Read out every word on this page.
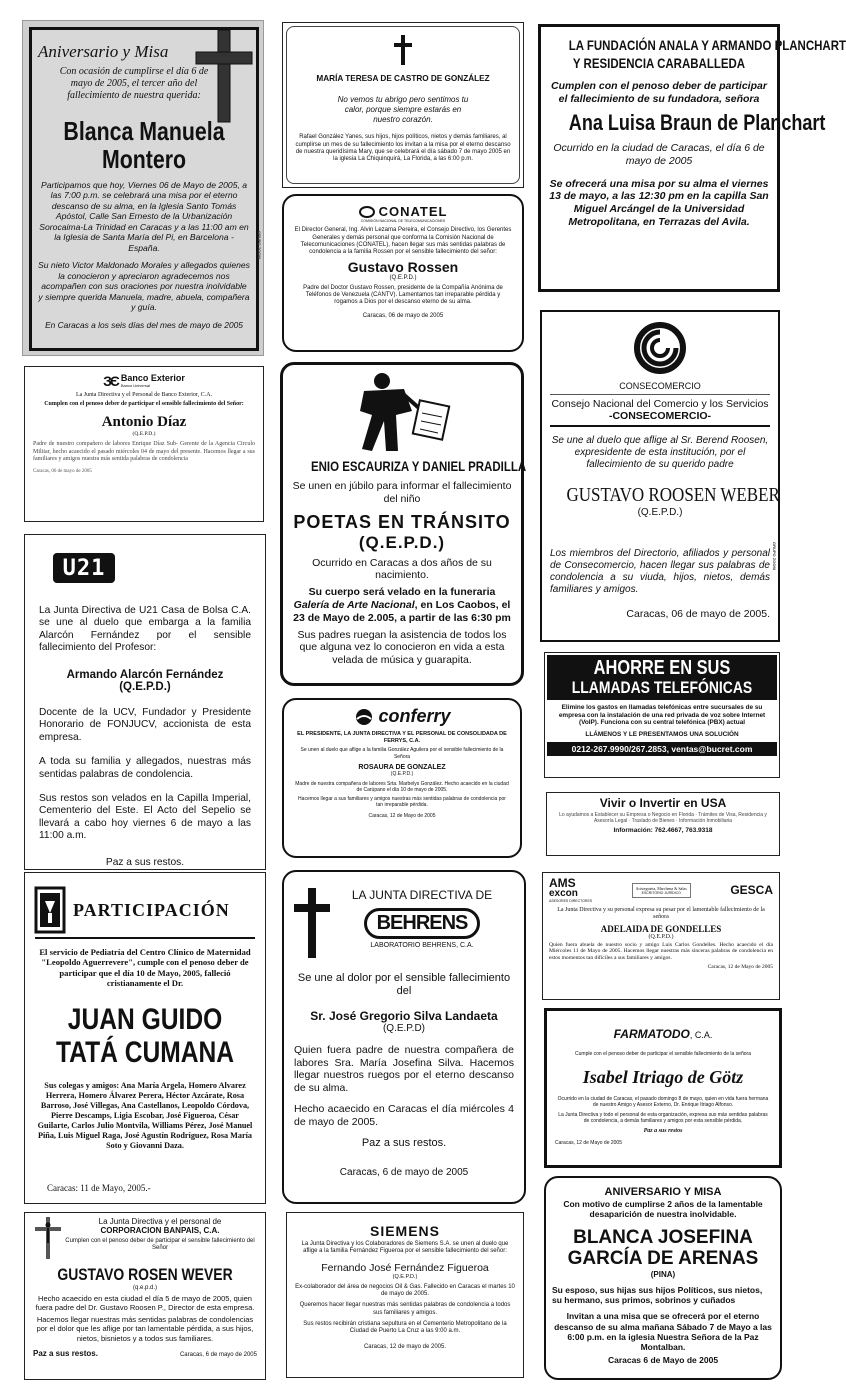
Aniversario y Misa

Con ocasión de cumplirse el día 6 de mayo de 2005, el tercer año del fallecimiento de nuestra querida:

Blanca Manuela

Montero

Participamos que hoy, Viernes 06 de Mayo de 2005, a las 7:00 p.m. se celebrará una misa por el eterno descanso de su alma, en la Iglesia Santo Tomás Apóstol, Calle San Ernesto de la Urbanización Sorocaima-La Trinidad en Caracas y a las 11:00 am en la Iglesia de Santa María del Pi, en Barcelona - España.

Su nieto Victor Maldonado Morales y allegados quienes la conocieron y apreciaron agradecemos nos acompañen con sus oraciones por nuestra inolvidable y siempre querida Manuela, madre, abuela, compañera y guía.

En Caracas a los seis días del mes de mayo de 2005

GRUPO ZOOM

MARÍA TERESA DE CASTRO DE GONZÁLEZ

No vemos tu abrigo pero sentimos tu calor, porque siempre estarás en nuestro corazón.

Rafael González Yanes, sus hijos, hijos políticos, nietos y demás familiares, al cumplirse un mes de su fallecimiento los invitan a la misa por el eterno descanso de nuestra queridísima Mary, que se celebrará el día sábado 7 de mayo 2005 en la iglesia La Chiquinquirá, La Florida, a las 6:00 p.m.

LA FUNDACIÓN ANALA Y ARMANDO PLANCHART

Y RESIDENCIA CARABALLEDA

Cumplen con el penoso deber de participar el fallecimiento de su fundadora, señora

Ana Luisa Braun de Planchart

Ocurrido en la ciudad de Caracas, el día 6 de mayo de 2005

Se ofrecerá una misa por su alma el viernes 13 de mayo, a las 12:30 pm en la capilla San Miguel Arcángel de la Universidad Metropolitana, en Terrazas del Avila.

CONATEL

COMISIÓN NACIONAL DE TELECOMUNICACIONES

El Director General, Ing. Alvin Lezama Pereira, el Consejo Directivo, los Gerentes Generales y demás personal que conforma la Comisión Nacional de Telecomunicaciones (CONATEL), hacen llegar sus más sentidas palabras de condolencia a la familia Rossen por el sensible fallecimiento del señor:

Gustavo Rossen

(Q.E.P.D.)

Padre del Doctor Gustavo Rossen, presidente de la Compañía Anónima de Teléfonos de Venezuela (CANTV). Lamentamos tan irreparable pérdida y rogamos a Dios por el descanso eterno de su alma.

Caracas, 06 de mayo de 2005

ЗЄ Banco Exterior
Banco Universal

La Junta Directiva y el Personal de Banco Exterior, C.A.

Cumplen con el penoso deber de participar el sensible fallecimiento del Señor:

Antonio Díaz

(Q.E.P.D.)

Padre de nuestro compañero de labores Enrique Díaz Sub- Gerente de la Agencia Circulo Militar, hecho acaecido el pasado miércoles 04 de mayo del presente. Hacemos llegar a sus familiares y amigos nuestra más sentida palabras de condolencia

Caracas, 06 de mayo de 2005	ENIO ESCAURIZA Y DANIEL PRADILLA

Se unen en júbilo para informar el fallecimiento del niño

POETAS EN TRÁNSITO

(Q.E.P.D.)

Ocurrido en Caracas a dos años de su nacimiento.

Su cuerpo será velado en la funeraria Galería de Arte Nacional, en Los Caobos, el 23 de Mayo de 2.005, a partir de las 6:30 pm

Sus padres ruegan la asistencia de todos los que alguna vez lo conocieron en vida a esta velada de música y guarapita.

CONSECOMERCIO

Consejo Nacional del Comercio y los Servicios

-CONSECOMERCIO-

Se une al duelo que aflige al Sr. Berend Roosen, expresidente de esta institución, por el fallecimiento de su querido padre

GUSTAVO ROOSEN WEBER

(Q.E.P.D.)

Los miembros del Directorio, afiliados y personal de Consecomercio, hacen llegar sus palabras de condolencia a su viuda, hijos, nietos, demás familiares y amigos.

Caracas, 06 de mayo de 2005.

GRUPO ZOOM
U21

La Junta Directiva de U21 Casa de Bolsa C.A. se une al duelo que embarga a la familia Alarcón Fernández por el sensible fallecimiento del Profesor:

Armando Alarcón Fernández

(Q.E.P.D.)

Docente de la UCV, Fundador y Presidente Honorario de FONJUCV, accionista de esta empresa.

A toda su familia y allegados, nuestras más sentidas palabras de condolencia.

Sus restos son velados en la Capilla Imperial, Cementerio del Este. El Acto del Sepelio se llevará a cabo hoy viernes 6 de mayo a las 11:00 a.m.

Paz a sus restos.

AHORRE EN SUS

LLAMADAS TELEFÓNICAS

Elimine los gastos en llamadas telefónicas entre sucursales de su empresa con la instalación de una red privada de voz sobre Internet (VoIP). Funciona con su central telefónica (PBX) actual

LLÁMENOS Y LE PRESENTAMOS UNA SOLUCIÓN

0212-267.9990/267.2853, ventas@bucret.com

Vivir o Invertir en USA

Lo ayudamos a Establecer su Empresa o Negocio en Florida · Trámites de Visa, Residencia y Asesoría Legal · Traslado de Bienes · Información Inmobiliaria

Información: 762.4667, 763.9318

AMS
excon
ASESORES DIRECTORES
Aristeguieta, Marchena & Salas
ESCRITORIO JURÍDICO	GESCA

La Junta Directiva y su personal expresa su pesar por el lamentable fallecimiento de la señora

ADELAIDA DE GONDELLES

(Q.E.P.D.)

Quien fuera abuela de nuestro socio y amigo Luis Carlos Gondelles. Hecho acaecido el día Miércoles 11 de Mayo de 2005. Hacemos llegar nuestras más sinceras palabras de condolencia en estos momentos tan difíciles a sus familiares y amigos.

Caracas, 12 de Mayo de 2005

conferry

EL PRESIDENTE, LA JUNTA DIRECTIVA Y EL PERSONAL DE CONSOLIDADA DE FERRYS, C.A.

Se unen al duelo que aflige a la familia González Aguilera por el sensible fallecimiento de la Señora

ROSAURA DE GONZALEZ

(Q.E.P.D.)

Madre de nuestra compañera de labores Srta. Marbelys González. Hecho acaecido en la ciudad de Carúpano el día 10 de mayo de 2005.

Hacemos llegar a sus familiares y amigos nuestras más sentidas palabras de condolencia por tan irreparable pérdida.

Caracas, 12 de Mayo de 2005

PARTICIPACIÓN

El servicio de Pediatría del Centro Clínico de Maternidad "Leopoldo Aguerrevere", cumple con el penoso deber de participar que el día 10 de Mayo, 2005, falleció cristianamente el Dr.

JUAN GUIDO

TATÁ CUMANA

Sus colegas y amigos: Ana María Argela, Homero Alvarez Herrera, Homero Álvarez Perera, Héctor Azcárate, Rosa Barroso, José Villegas, Ana Castellanos, Leopoldo Córdova, Pierre Descamps, Ligia Escobar, José Figueroa, César Guilarte, Carlos Julio Montvila, Williams Pérez, José Manuel Piña, Luis Miguel Raga, José Agustín Rodríguez, Rosa María Soto y Giovanni Daza.

Caracas: 11 de Mayo, 2005.-

LA JUNTA DIRECTIVA DE

BEHRENS

LABORATORIO BEHRENS, C.A.

Se une al dolor por el sensible fallecimiento del

Sr. José Gregorio Silva Landaeta

(Q.E.P.D)

Quien fuera padre de nuestra compañera de labores Sra. María Josefina Silva. Hacemos llegar nuestros ruegos por el eterno descanso de su alma.

Hecho acaecido en Caracas el día miércoles 4 de mayo de 2005.

Paz a sus restos.

Caracas, 6 de mayo de 2005

FARMATODO, C.A.

Cumple con el penoso deber de participar el sensible fallecimiento de la señora

Isabel Itriago de Götz

Ocurrido en la ciudad de Caracas, el pasado domingo 8 de mayo, quien en vida fuera hermana de nuestro Amigo y Asesor Externo, Dr. Enrique Itriago Alfonso.

La Junta Directiva y todo el personal de esta organización, expresa sus más sentidas palabras de condolencia, a demás familiares y amigos por esta sensible pérdida.

Paz a sus restos

Caracas, 12 de Mayo de 2005

La Junta Directiva y el personal de

CORPORACION BANPAIS, C.A.

Cumplen con el penoso deber de participar el sensible fallecimiento del Señor

GUSTAVO ROSEN WEVER

(q.e.p.d.)

Hecho acaecido en esta ciudad el día 5 de mayo de 2005, quien fuera padre del Dr. Gustavo Roosen P., Director de esta empresa.

Hacemos llegar nuestras más sentidas palabras de condolencias por el dolor que les aflige por tan lamentable pérdida, a sus hijos, nietos, bisnietos y a todos sus familiares.

Paz a sus restos.	Caracas, 6 de mayo de 2005

SIEMENS

La Junta Directiva y los Colaboradores de Siemens S.A. se unen al duelo que aflige a la familia Fernández Figueroa por el sensible fallecimiento del señor:

Fernando José Fernández Figueroa

(Q.E.P.D.)

Ex-colaborador del área de negocios Oil & Gas. Fallecido en Caracas el martes 10 de mayo de 2005.

Queremos hacer llegar nuestras más sentidas palabras de condolencia a todos sus familiares y amigos.

Sus restos recibirán cristiana sepultura en el Cementerio Metropolitano de la Ciudad de Puerto La Cruz a las 9:00 a.m.

Caracas, 12 de mayo de 2005.

ANIVERSARIO Y MISA

Con motivo de cumplirse 2 años de la lamentable desaparición de nuestra inolvidable.

BLANCA JOSEFINA

GARCÍA DE ARENAS

(PINA)

Su esposo, sus hijas sus hijos Políticos, sus nietos, su hermano, sus primos, sobrinos y cuñados

Invitan a una misa que se ofrecerá por el eterno descanso de su alma mañana Sábado 7 de Mayo a las 6:00 p.m. en la iglesia Nuestra Señora de la Paz Montalban.

Caracas 6 de Mayo de 2005
